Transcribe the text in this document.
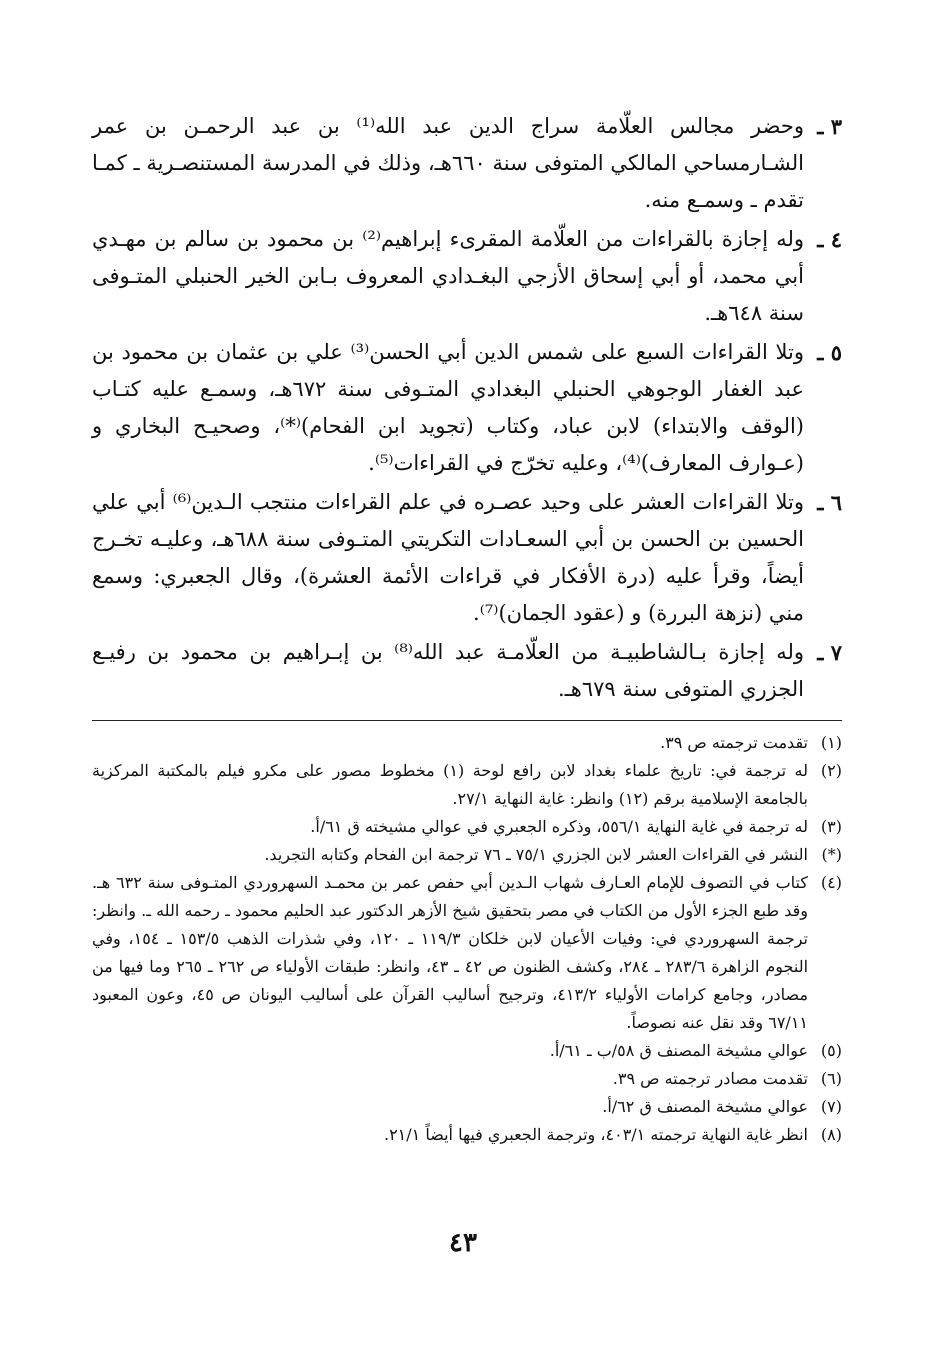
٣ ـ
وحضر مجالس العلّامة سراج الدين عبد الله⁽¹⁾ بن عبد الرحمـن بن عمر الشـارمساحي المالكي المتوفى سنة ٦٦٠هـ، وذلك في المدرسة المستنصـرية ـ كمـا تقدم ـ وسمـع منه.
٤ ـ
وله إجازة بالقراءات من العلّامة المقرىء إبراهيم⁽²⁾ بن محمود بن سالم بن مهـدي أبي محمد، أو أبي إسحاق الأزجي البغـدادي المعروف بـابن الخير الحنبلي المتـوفى سنة ٦٤٨هـ.
٥ ـ
وتلا القراءات السبع على شمس الدين أبي الحسن⁽³⁾ علي بن عثمان بن محمود بن عبد الغفار الوجوهي الحنبلي البغدادي المتـوفى سنة ٦٧٢هـ، وسمـع عليه كتـاب (الوقف والابتداء) لابن عباد، وكتاب (تجويد ابن الفحام)⁽*⁾، وصحيـح البخاري و (عـوارف المعارف)⁽⁴⁾، وعليه تخرّج في القراءات⁽⁵⁾.
٦ ـ
وتلا القراءات العشر على وحيد عصـره في علم القراءات منتجب الـدين⁽⁶⁾ أبي علي الحسين بن الحسن بن أبي السعـادات التكريتي المتـوفى سنة ٦٨٨هـ، وعليـه تخـرج أيضاً، وقرأ عليه (درة الأفكار في قراءات الأئمة العشرة)، وقال الجعبري: وسمع مني (نزهة البررة) و (عقود الجمان)⁽⁷⁾.
٧ ـ
وله إجازة بـالشاطبيـة من العلّامـة عبد الله⁽⁸⁾ بن إبـراهيم بن محمود بن رفيـع الجزري المتوفى سنة ٦٧٩هـ.
(١)
تقدمت ترجمته ص ٣٩.
(٢)
له ترجمة في: تاريخ علماء بغداد لابن رافع لوحة (١) مخطوط مصور على مكرو فيلم بالمكتبة المركزية بالجامعة الإسلامية برقم (١٢) وانظر: غاية النهاية ٢٧/١.
(٣)
له ترجمة في غاية النهاية ٥٥٦/١، وذكره الجعبري في عوالي مشيخته ق ٦١/أ.
(*)
النشر في القراءات العشر لابن الجزري ٧٥/١ ـ ٧٦ ترجمة ابن الفحام وكتابه التجريد.
(٤)
كتاب في التصوف للإمام العـارف شهاب الـدين أبي حفص عمر بن محمـد السهروردي المتـوفى سنة ٦٣٢ هـ. وقد طبع الجزء الأول من الكتاب في مصر بتحقيق شيخ الأزهر الدكتور عبد الحليم محمود ـ رحمه الله ـ. وانظر: ترجمة السهروردي في: وفيات الأعيان لابن خلكان ١١٩/٣ ـ ١٢٠، وفي شذرات الذهب ١٥٣/٥ ـ ١٥٤، وفي النجوم الزاهرة ٢٨٣/٦ ـ ٢٨٤، وكشف الظنون ص ٤٢ ـ ٤٣، وانظر: طبقات الأولياء ص ٢٦٢ ـ ٢٦٥ وما فيها من مصادر، وجامع كرامات الأولياء ٤١٣/٢، وترجيح أساليب القرآن على أساليب اليونان ص ٤٥، وعون المعبود ٦٧/١١ وقد نقل عنه نصوصاً.
(٥)
عوالي مشيخة المصنف ق ٥٨/ب ـ ٦١/أ.
(٦)
تقدمت مصادر ترجمته ص ٣٩.
(٧)
عوالي مشيخة المصنف ق ٦٢/أ.
(٨)
انظر غاية النهاية ترجمته ٤٠٣/١، وترجمة الجعبري فيها أيضاً ٢١/١.
٤٣
